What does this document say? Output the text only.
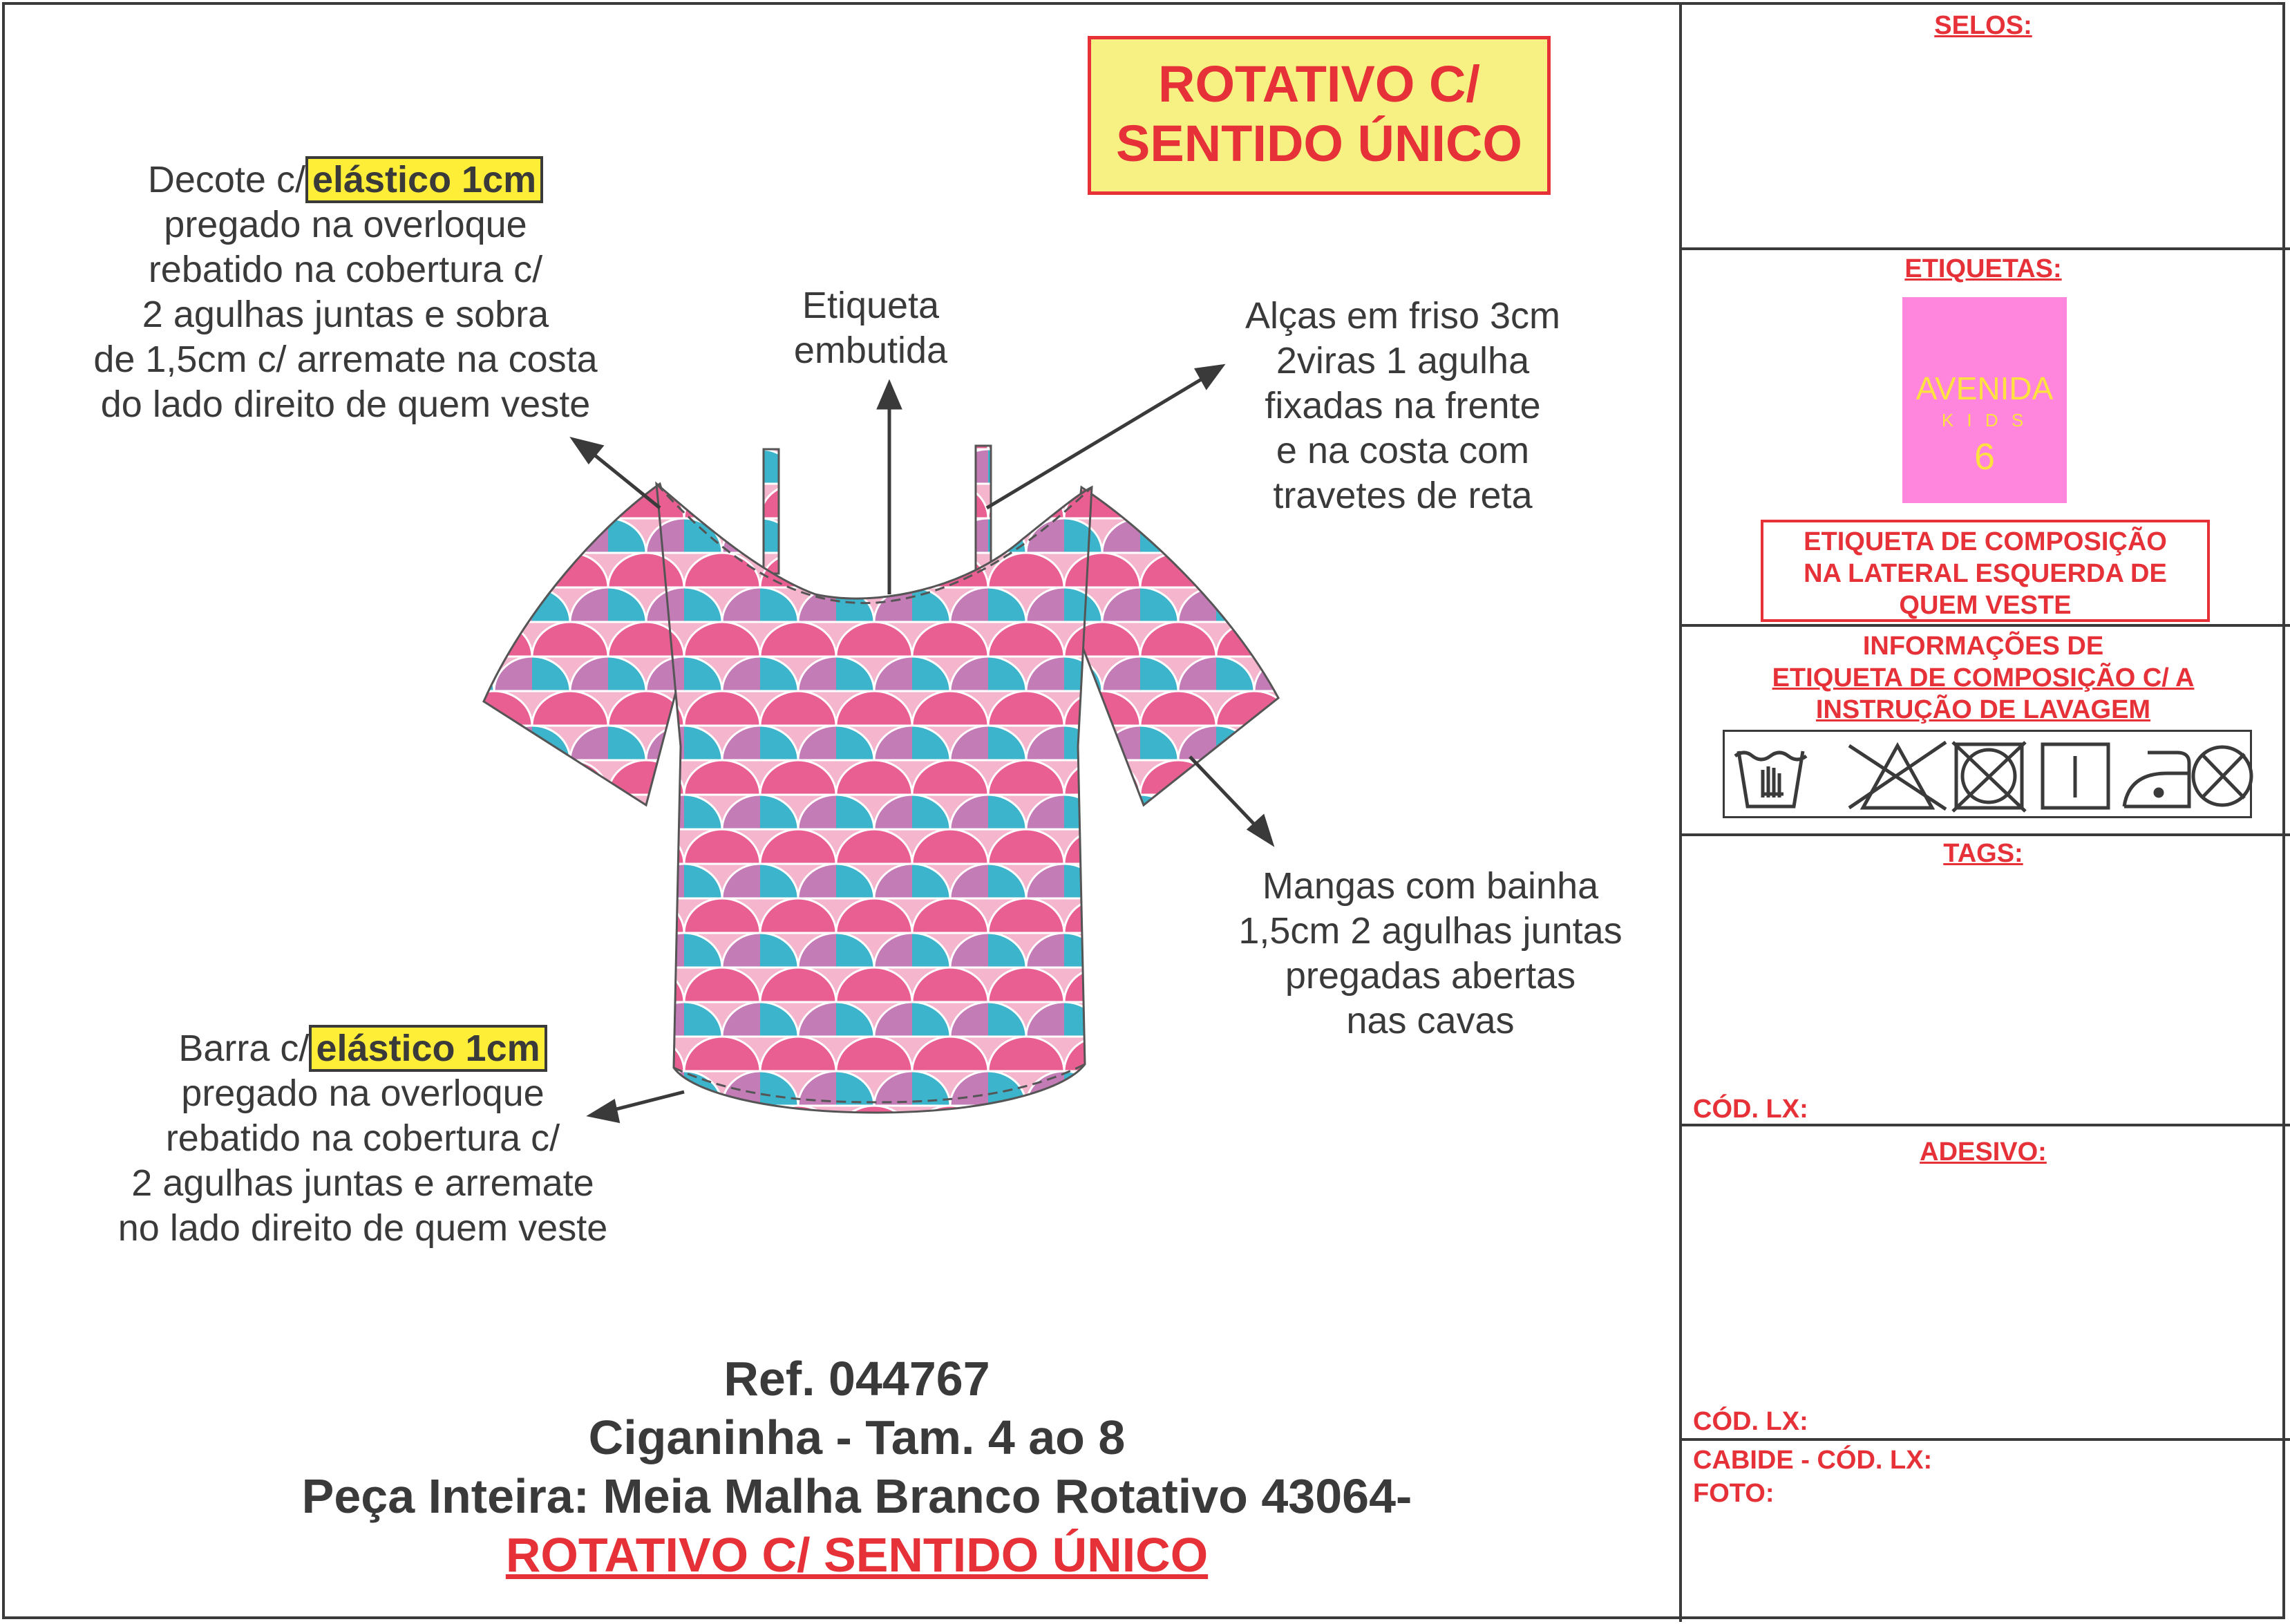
ROTATIVO C/
SENTIDO ÚNICO
Decote c/ elástico 1cm
pregado na overloque
rebatido na cobertura c/
2 agulhas juntas e sobra
de 1,5cm c/ arremate na costa
do lado direito de quem veste
Etiqueta
embutida
Alças em friso 3cm
2viras 1 agulha
fixadas na frente
e na costa com
travetes de reta
Mangas com bainha
1,5cm 2 agulhas juntas
pregadas abertas
nas cavas
Barra c/ elástico 1cm
pregado na overloque
rebatido na cobertura c/
2 agulhas juntas e arremate
no lado direito de quem veste
Ref. 044767
Ciganinha - Tam. 4 ao 8
Peça Inteira: Meia Malha Branco Rotativo 43064-
ROTATIVO C/ SENTIDO ÚNICO
SELOS:
ETIQUETAS:
AVENIDA
K I D S
6
ETIQUETA DE COMPOSIÇÃO
NA LATERAL ESQUERDA DE
QUEM VESTE
INFORMAÇÕES DE
ETIQUETA DE COMPOSIÇÃO C/ A
INSTRUÇÃO DE LAVAGEM
TAGS:
CÓD. LX:
ADESIVO:
CÓD. LX:
CABIDE - CÓD. LX:
FOTO:
